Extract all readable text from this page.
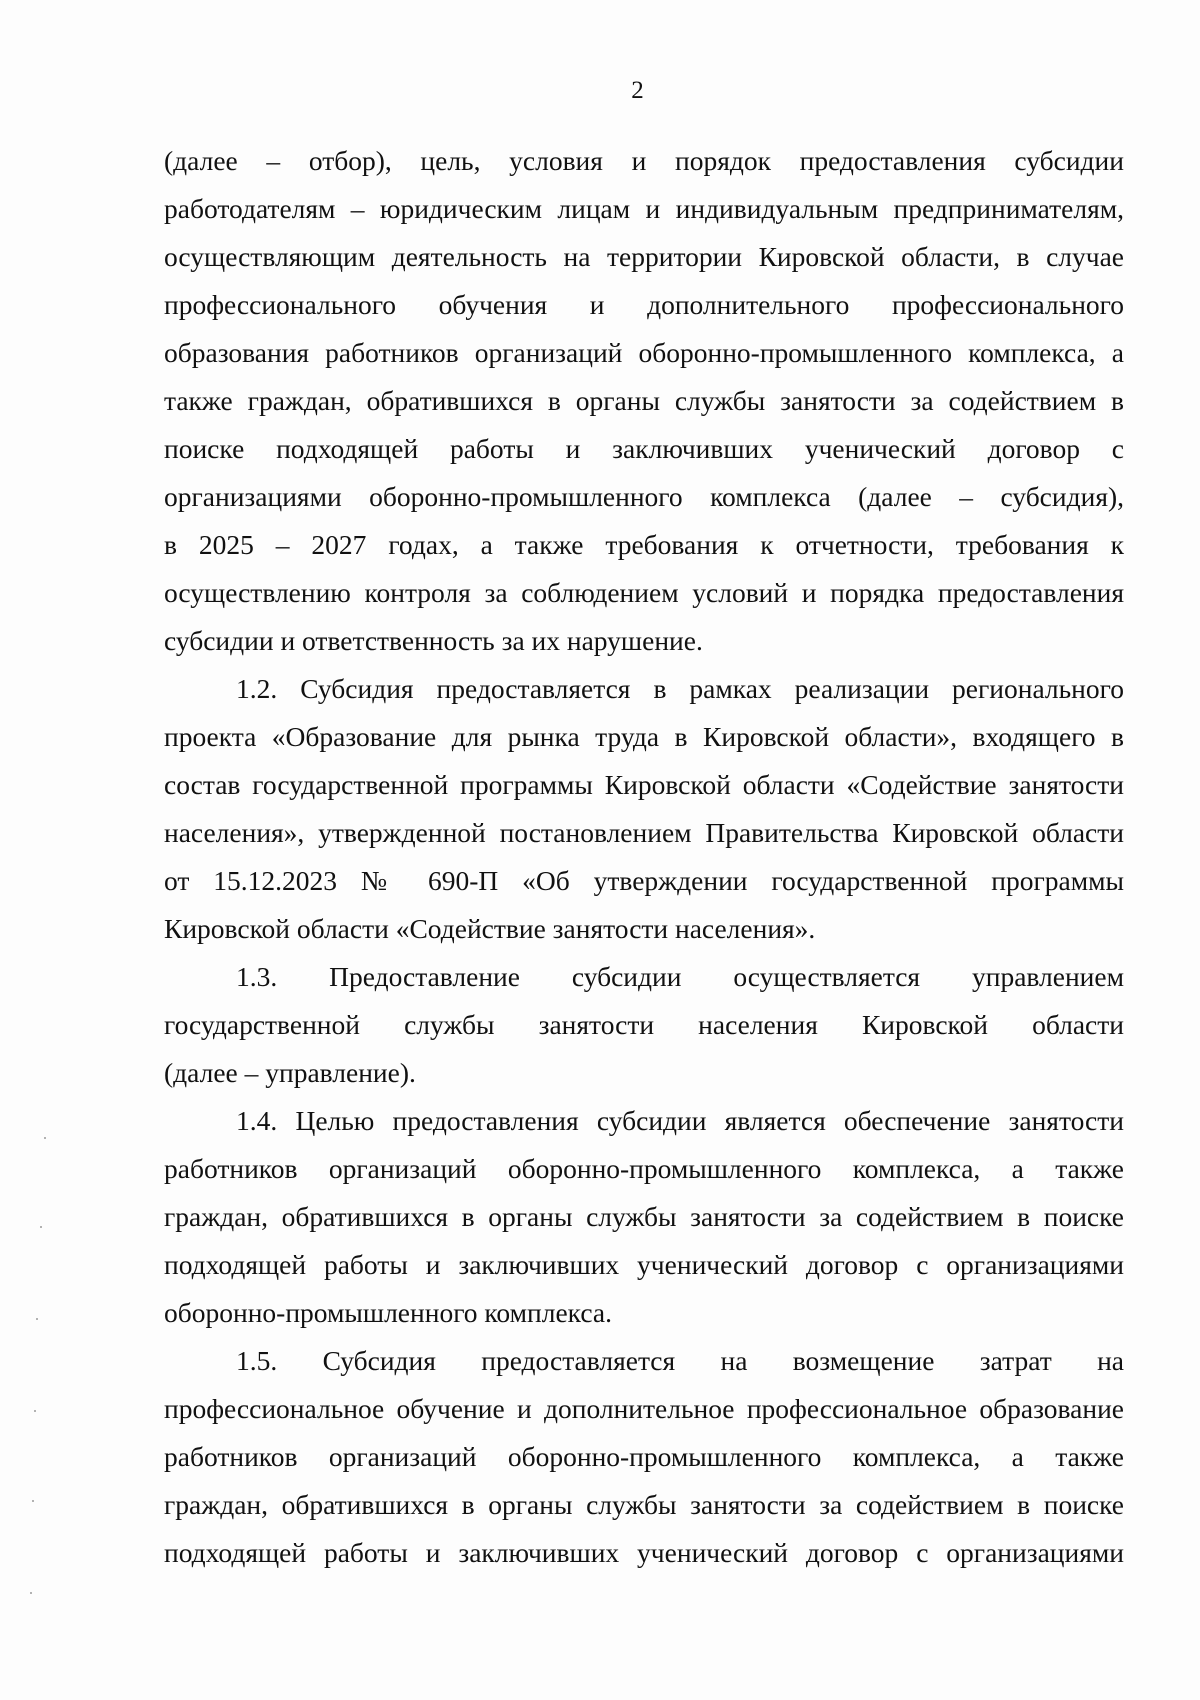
2
(далее – отбор), цель, условия и порядок предоставления субсидии
работодателям – юридическим лицам и индивидуальным предпринимателям,
осуществляющим деятельность на территории Кировской области, в случае
профессионального обучения и дополнительного профессионального
образования работников организаций оборонно-промышленного комплекса, а
также граждан, обратившихся в органы службы занятости за содействием в
поиске подходящей работы и заключивших ученический договор с
организациями оборонно-промышленного комплекса (далее – субсидия),
в 2025 – 2027 годах, а также требования к отчетности, требования к
осуществлению контроля за соблюдением условий и порядка предоставления
субсидии и ответственность за их нарушение.
1.2. Субсидия предоставляется в рамках реализации регионального
проекта «Образование для рынка труда в Кировской области», входящего в
состав государственной программы Кировской области «Содействие занятости
населения», утвержденной постановлением Правительства Кировской области
от 15.12.2023 № 690-П «Об утверждении государственной программы
Кировской области «Содействие занятости населения».
1.3. Предоставление субсидии осуществляется управлением
государственной службы занятости населения Кировской области
(далее – управление).
1.4. Целью предоставления субсидии является обеспечение занятости
работников организаций оборонно-промышленного комплекса, а также
граждан, обратившихся в органы службы занятости за содействием в поиске
подходящей работы и заключивших ученический договор с организациями
оборонно-промышленного комплекса.
1.5. Субсидия предоставляется на возмещение затрат на
профессиональное обучение и дополнительное профессиональное образование
работников организаций оборонно-промышленного комплекса, а также
граждан, обратившихся в органы службы занятости за содействием в поиске
подходящей работы и заключивших ученический договор с организациями
